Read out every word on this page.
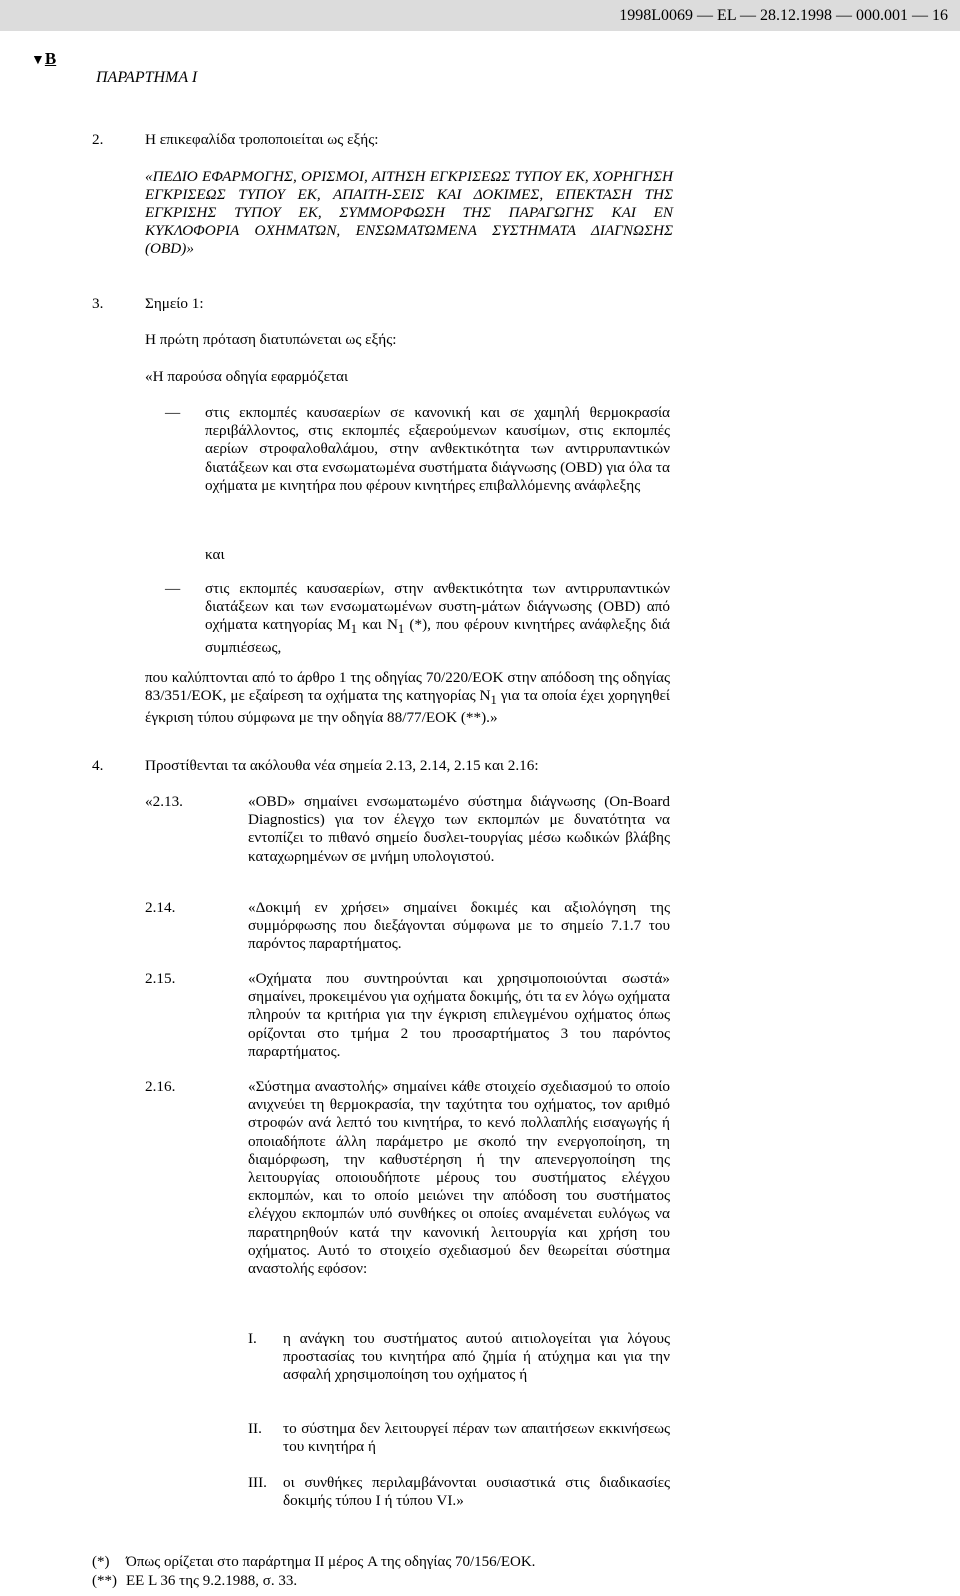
1998L0069 — EL — 28.12.1998 — 000.001 — 16
▼B
ΠΑΡΑΡΤΗΜΑ I
2.	Η επικεφαλίδα τροποποιείται ως εξής:
«ΠΕΔΙΟ ΕΦΑΡΜΟΓΗΣ, ΟΡΙΣΜΟΙ, ΑΙΤΗΣΗ ΕΓΚΡΙΣΕΩΣ ΤΥΠΟΥ ΕΚ, ΧΟΡΗΓΗΣΗ ΕΓΚΡΙΣΕΩΣ ΤΥΠΟΥ ΕΚ, ΑΠΑΙΤΗ-ΣΕΙΣ ΚΑΙ ΔΟΚΙΜΕΣ, ΕΠΕΚΤΑΣΗ ΤΗΣ ΕΓΚΡΙΣΗΣ ΤΥΠΟΥ ΕΚ, ΣΥΜΜΟΡΦΩΣΗ ΤΗΣ ΠΑΡΑΓΩΓΗΣ ΚΑΙ ΕΝ ΚΥΚΛΟΦΟΡΙΑ ΟΧΗΜΑΤΩΝ, ΕΝΣΩΜΑΤΩΜΕΝΑ ΣΥΣΤΗΜΑΤΑ ΔΙΑΓΝΩΣΗΣ (OBD)»
3.	Σημείο 1:
Η πρώτη πρόταση διατυπώνεται ως εξής:
«Η παρούσα οδηγία εφαρμόζεται
—
στις εκπομπές καυσαερίων σε κανονική και σε χαμηλή θερμοκρασία περιβάλλοντος, στις εκπομπές εξαερούμενων καυσίμων, στις εκπομπές αερίων στροφαλοθαλάμου, στην ανθεκτικότητα των αντιρρυπαντικών διατάξεων και στα ενσωματωμένα συστήματα διάγνωσης (OBD) για όλα τα οχήματα με κινητήρα που φέρουν κινητήρες επιβαλλόμενης ανάφλεξης
και
—
στις εκπομπές καυσαερίων, στην ανθεκτικότητα των αντιρρυπαντικών διατάξεων και των ενσωματωμένων συστη-μάτων διάγνωσης (OBD) από οχήματα κατηγορίας $M_1$ και $N_1$ (*), που φέρουν κινητήρες ανάφλεξης διά συμπιέσεως,
που καλύπτονται από το άρθρο 1 της οδηγίας 70/220/ΕΟΚ στην απόδοση της οδηγίας 83/351/ΕΟΚ, με εξαίρεση τα οχήματα της κατηγορίας $N_1$ για τα οποία έχει χορηγηθεί έγκριση τύπου σύμφωνα με την οδηγία 88/77/ΕΟΚ (**).»
4.	Προστίθενται τα ακόλουθα νέα σημεία 2.13, 2.14, 2.15 και 2.16:
«2.13.	«OBD» σημαίνει ενσωματωμένο σύστημα διάγνωσης (On-Board Diagnostics) για τον έλεγχο των εκπομπών με δυνατότητα να εντοπίζει το πιθανό σημείο δυσλει-τουργίας μέσω κωδικών βλάβης καταχωρημένων σε μνήμη υπολογιστού.
2.14.	«Δοκιμή εν χρήσει» σημαίνει δοκιμές και αξιολόγηση της συμμόρφωσης που διεξάγονται σύμφωνα με το σημείο 7.1.7 του παρόντος παραρτήματος.
2.15.	«Οχήματα που συντηρούνται και χρησιμοποιούνται σωστά» σημαίνει, προκειμένου για οχήματα δοκιμής, ότι τα εν λόγω οχήματα πληρούν τα κριτήρια για την έγκριση επιλεγμένου οχήματος όπως ορίζονται στο τμήμα 2 του προσαρτήματος 3 του παρόντος παραρτήματος.
2.16.	«Σύστημα αναστολής» σημαίνει κάθε στοιχείο σχεδιασμού το οποίο ανιχνεύει τη θερμοκρασία, την ταχύτητα του οχήματος, τον αριθμό στροφών ανά λεπτό του κινητήρα, το κενό πολλαπλής εισαγωγής ή οποιαδήποτε άλλη παράμετρο με σκοπό την ενεργοποίηση, τη διαμόρφωση, την καθυστέρηση ή την απενεργοποίηση της λειτουργίας οποιουδήποτε μέρους του συστήματος ελέγχου εκπομπών, και το οποίο μειώνει την απόδοση του συστήματος ελέγχου εκπομπών υπό συνθήκες οι οποίες αναμένεται ευλόγως να παρατηρηθούν κατά την κανονική λειτουργία και χρήση του οχήματος. Αυτό το στοιχείο σχεδιασμού δεν θεωρείται σύστημα αναστολής εφόσον:
I. η ανάγκη του συστήματος αυτού αιτιολογείται για λόγους προστασίας του κινητήρα από ζημία ή ατύχημα και για την ασφαλή χρησιμοποίηση του οχήματος ή
II. το σύστημα δεν λειτουργεί πέραν των απαιτήσεων εκκινήσεως του κινητήρα ή
III. οι συνθήκες περιλαμβάνονται ουσιαστικά στις διαδικασίες δοκιμής τύπου I ή τύπου VI.»
(*) Όπως ορίζεται στο παράρτημα II μέρος A της οδηγίας 70/156/ΕΟΚ.
(**) ΕΕ L 36 της 9.2.1988, σ. 33.
